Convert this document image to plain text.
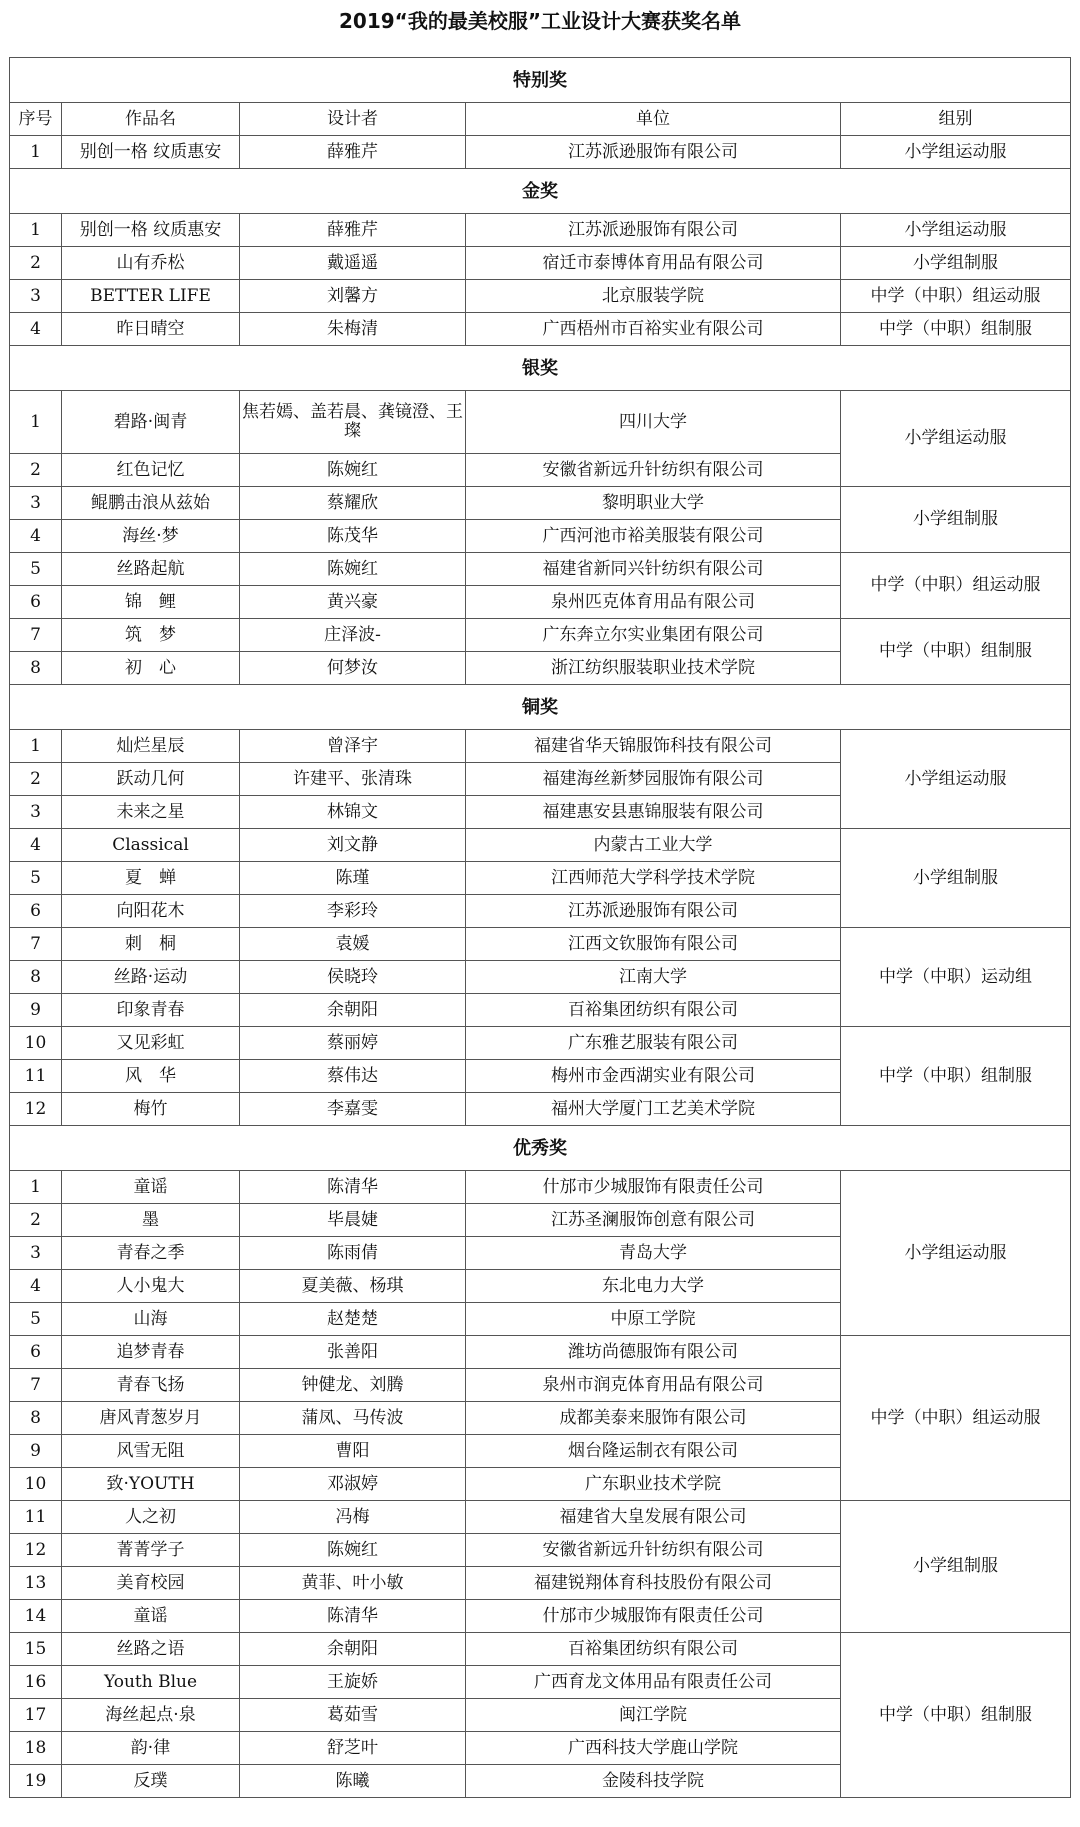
2019“我的最美校服”工业设计大赛获奖名单
特别奖				
序号	作品名	设计者	单位	组别
1	别创一格 纹质惠安	薛雅芹	江苏派逊服饰有限公司	小学组运动服
金奖				
1	别创一格 纹质惠安	薛雅芹	江苏派逊服饰有限公司	小学组运动服
2	山有乔松	戴遥遥	宿迁市泰博体育用品有限公司	小学组制服
3	BETTER LIFE	刘馨方	北京服装学院	中学（中职）组运动服
4	昨日晴空	朱梅清	广西梧州市百裕实业有限公司	中学（中职）组制服
银奖				
1	碧路·闽青	焦若嫣、盖若晨、龚镜澄、王璨	四川大学	小学组运动服
2	红色记忆	陈婉红	安徽省新远升针纺织有限公司	
3	鲲鹏击浪从兹始	蔡耀欣	黎明职业大学	小学组制服
4	海丝·梦	陈茂华	广西河池市裕美服装有限公司	
5	丝路起航	陈婉红	福建省新同兴针纺织有限公司	中学（中职）组运动服
6	锦　鲤	黄兴豪	泉州匹克体育用品有限公司	
7	筑　梦	庄泽波-	广东奔立尔实业集团有限公司	中学（中职）组制服
8	初　心	何梦汝	浙江纺织服装职业技术学院	
铜奖				
1	灿烂星辰	曾泽宇	福建省华天锦服饰科技有限公司	小学组运动服
2	跃动几何	许建平、张清珠	福建海丝新梦园服饰有限公司	
3	未来之星	林锦文	福建惠安县惠锦服装有限公司	
4	Classical	刘文静	内蒙古工业大学	小学组制服
5	夏　蝉	陈瑾	江西师范大学科学技术学院	
6	向阳花木	李彩玲	江苏派逊服饰有限公司	
7	刺　桐	袁媛	江西文钦服饰有限公司	中学（中职）运动组
8	丝路·运动	侯晓玲	江南大学	
9	印象青春	余朝阳	百裕集团纺织有限公司	
10	又见彩虹	蔡丽婷	广东雅艺服装有限公司	中学（中职）组制服
11	风　华	蔡伟达	梅州市金西湖实业有限公司	
12	梅竹	李嘉雯	福州大学厦门工艺美术学院	
优秀奖				
1	童谣	陈清华	什邡市少城服饰有限责任公司	小学组运动服
2	墨	毕晨婕	江苏圣澜服饰创意有限公司	
3	青春之季	陈雨倩	青岛大学	
4	人小鬼大	夏美薇、杨琪	东北电力大学	
5	山海	赵楚楚	中原工学院	
6	追梦青春	张善阳	潍坊尚德服饰有限公司	中学（中职）组运动服
7	青春飞扬	钟健龙、刘腾	泉州市润克体育用品有限公司	
8	唐风青葱岁月	蒲凤、马传波	成都美泰来服饰有限公司	
9	风雪无阻	曹阳	烟台隆运制衣有限公司	
10	致·YOUTH	邓淑婷	广东职业技术学院	
11	人之初	冯梅	福建省大皇发展有限公司	小学组制服
12	菁菁学子	陈婉红	安徽省新远升针纺织有限公司	
13	美育校园	黄菲、叶小敏	福建锐翔体育科技股份有限公司	
14	童谣	陈清华	什邡市少城服饰有限责任公司	
15	丝路之语	余朝阳	百裕集团纺织有限公司	中学（中职）组制服
16	Youth Blue	王旋娇	广西育龙文体用品有限责任公司	
17	海丝起点·泉	葛茹雪	闽江学院	
18	韵·律	舒芝叶	广西科技大学鹿山学院	
19	反璞	陈曦	金陵科技学院	
